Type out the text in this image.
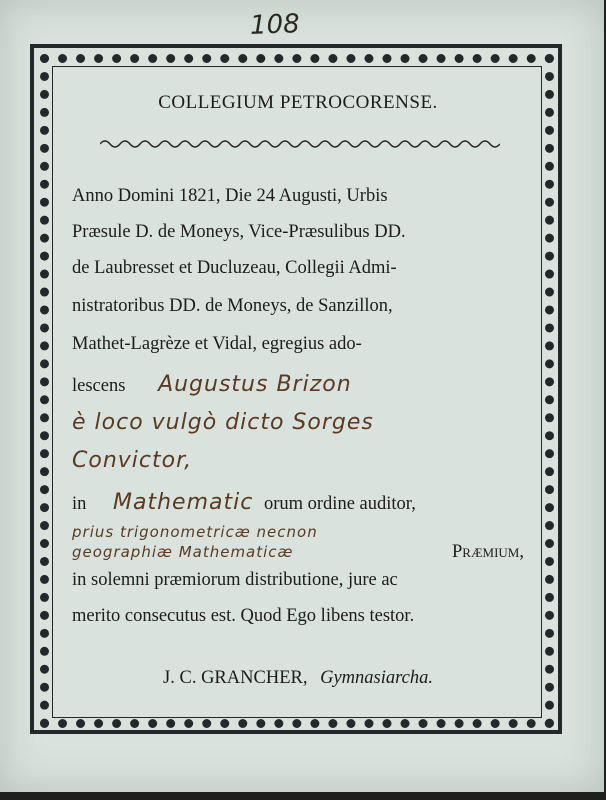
108
COLLEGIUM PETROCORENSE.
Anno Domini 1821, Die 24 Augusti, Urbis
Præsule D. de Moneys, Vice-Præsulibus DD.
de Laubresset et Ducluzeau, Collegii Admi-
nistratoribus DD. de Moneys, de Sanzillon,
Mathet-Lagrèze et Vidal, egregius ado-
lescens Augustus Brizon
è loco vulgò dicto Sorges
Convictor,
in Mathematic orum ordine auditor,
prius trigonometricæ necnon
geographiæ Mathematicæ	Præmium,
in solemni præmiorum distributione, jure ac
merito consecutus est. Quod Ego libens testor.
J. C. GRANCHER, Gymnasiarcha.
